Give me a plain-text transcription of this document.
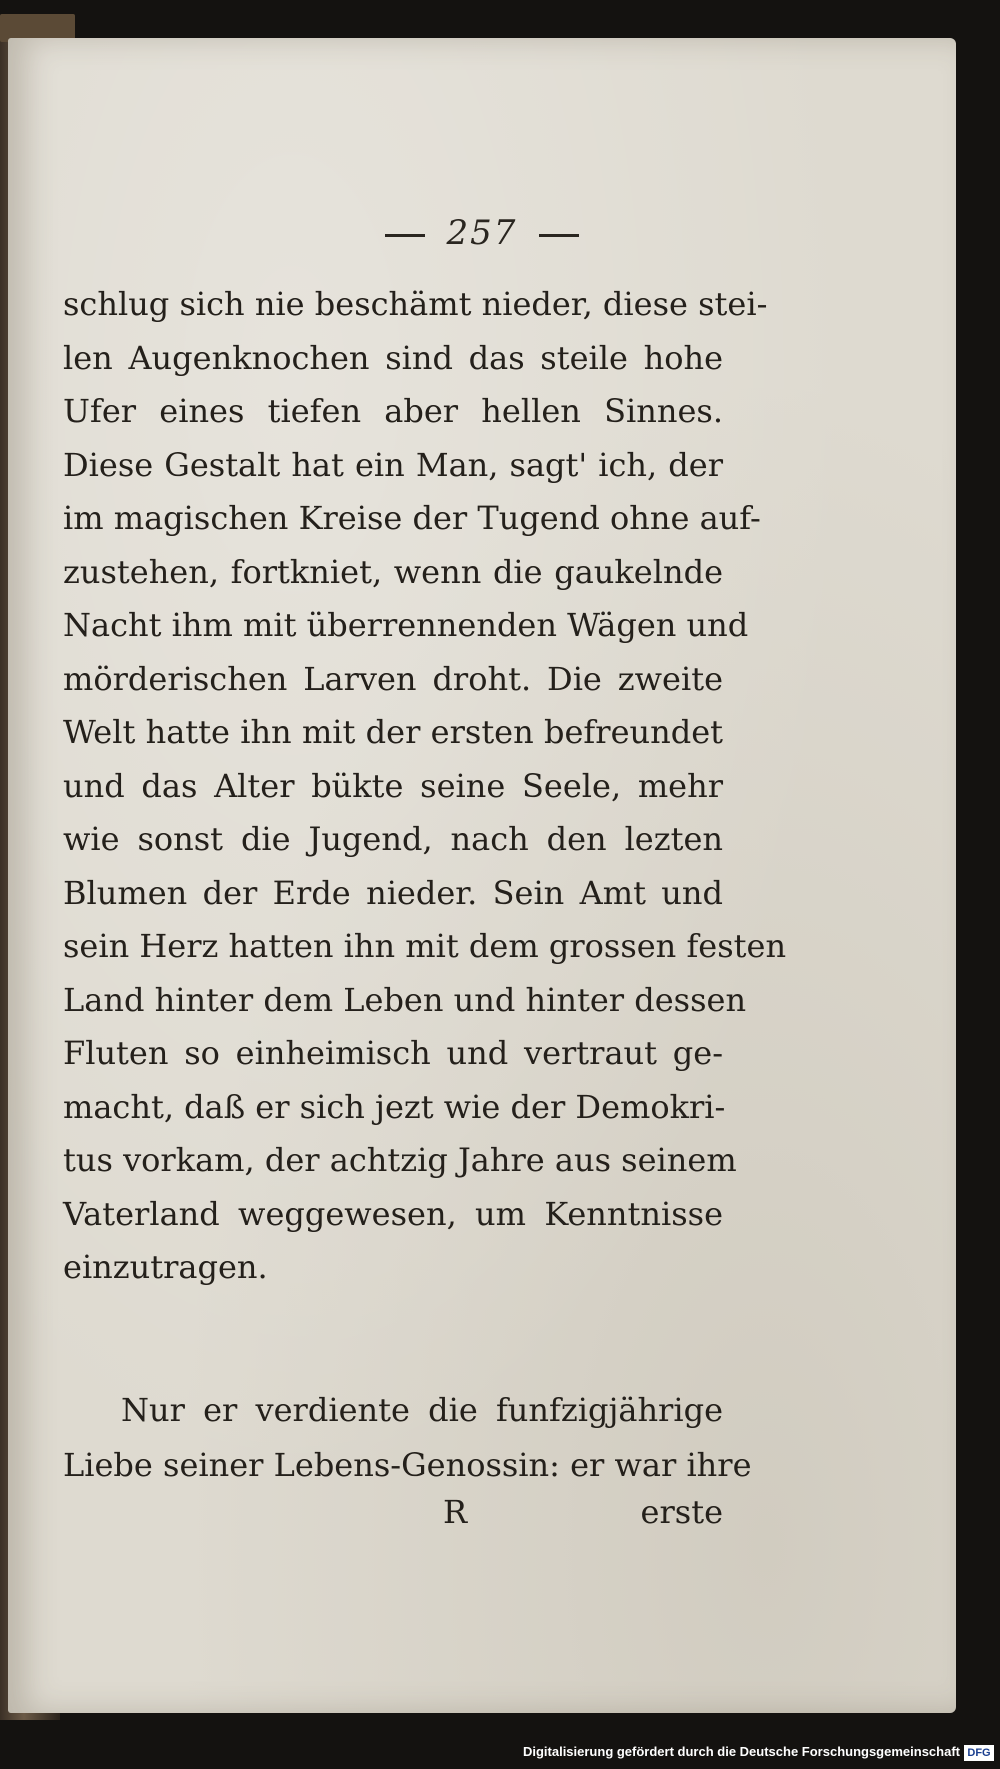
257
schlug sich nie beschämt nieder, diese stei-
len Augenknochen sind das steile hohe
Ufer eines tiefen aber hellen Sinnes.
Diese Gestalt hat ein Man, sagt' ich, der
im magischen Kreise der Tugend ohne auf-
zustehen, fortkniet, wenn die gaukelnde
Nacht ihm mit überrennenden Wägen und
mörderischen Larven droht. Die zweite
Welt hatte ihn mit der ersten befreundet
und das Alter bükte seine Seele, mehr
wie sonst die Jugend, nach den lezten
Blumen der Erde nieder. Sein Amt und
sein Herz hatten ihn mit dem grossen festen
Land hinter dem Leben und hinter dessen
Fluten so einheimisch und vertraut ge-
macht, daß er sich jezt wie der Demokri-
tus vorkam, der achtzig Jahre aus seinem
Vaterland weggewesen, um Kenntnisse
einzutragen.
Nur er verdiente die funfzigjährige
Liebe seiner Lebens-Genossin: er war ihre
R	erste
Digitalisierung gefördert durch die Deutsche Forschungsgemeinschaft DFG
